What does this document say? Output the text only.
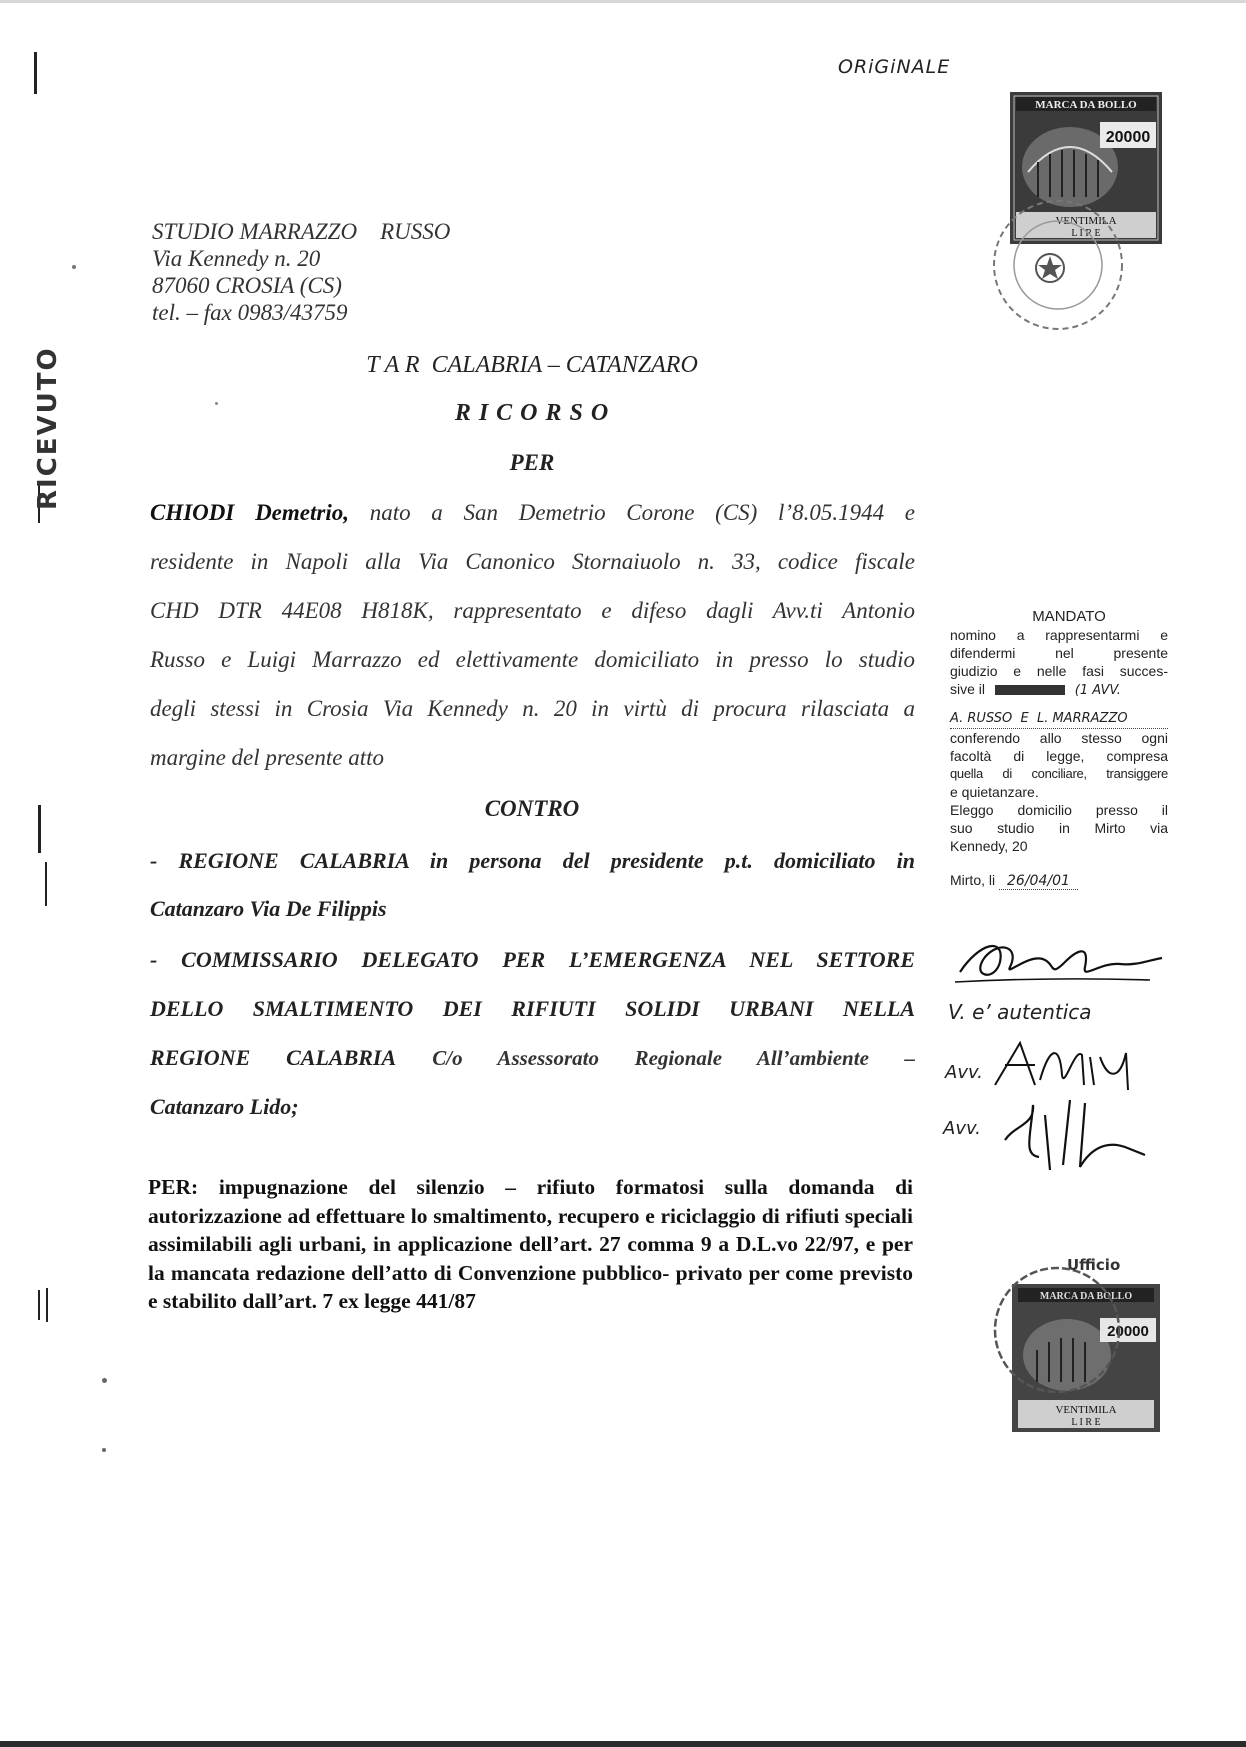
RICEVUTO
ORiGiNALE
MARCA DA BOLLO
20000
VENTIMILA
L I R E
STUDIO MARRAZZO    RUSSO
Via Kennedy n. 20
87060 CROSIA (CS)
tel. – fax 0983/43759
T A R  CALABRIA – CATANZARO
R I C O R S O
PER
CHIODI Demetrio, nato a San Demetrio Corone (CS) l’8.05.1944 e
residente in Napoli alla Via Canonico Stornaiuolo n. 33, codice fiscale
CHD DTR 44E08 H818K, rappresentato e difeso dagli Avv.ti Antonio
Russo e Luigi Marrazzo ed elettivamente domiciliato in presso lo studio
degli stessi in Crosia Via Kennedy n. 20 in virtù di procura rilasciata a
margine del presente atto
CONTRO
- REGIONE CALABRIA in persona del presidente p.t. domiciliato in
Catanzaro Via De Filippis
- COMMISSARIO DELEGATO PER L’EMERGENZA NEL SETTORE
DELLO SMALTIMENTO DEI RIFIUTI SOLIDI URBANI NELLA
REGIONE CALABRIA C/o Assessorato Regionale All’ambiente –
Catanzaro Lido;
PER: impugnazione del silenzio – rifiuto formatosi sulla domanda di autorizzazione ad effettuare lo smaltimento, recupero e riciclaggio di rifiuti speciali assimilabili agli urbani, in applicazione dell’art. 27 comma 9 a D.L.vo 22/97, e per la mancata redazione dell’atto di Convenzione pubblico- privato per come previsto e stabilito dall’art. 7 ex legge 441/87
MANDATO
nomino a rappresentarmi e
difendermi   nel   presente
giudizio e nelle fasi succes-
sive il	(1 AVV.
A. RUSSO  E  L. MARRAZZO
conferendo allo stesso ogni
facoltà di legge, compresa
quella di conciliare, transiggere
e quietanzare.
Eleggo domicilio presso il
suo studio in Mirto via
Kennedy, 20
Mirto, li 26/04/01
V. e’ autentica
Avv.
Avv.
MARCA DA BOLLO
20000
VENTIMILA
L I R E
Ufficio
